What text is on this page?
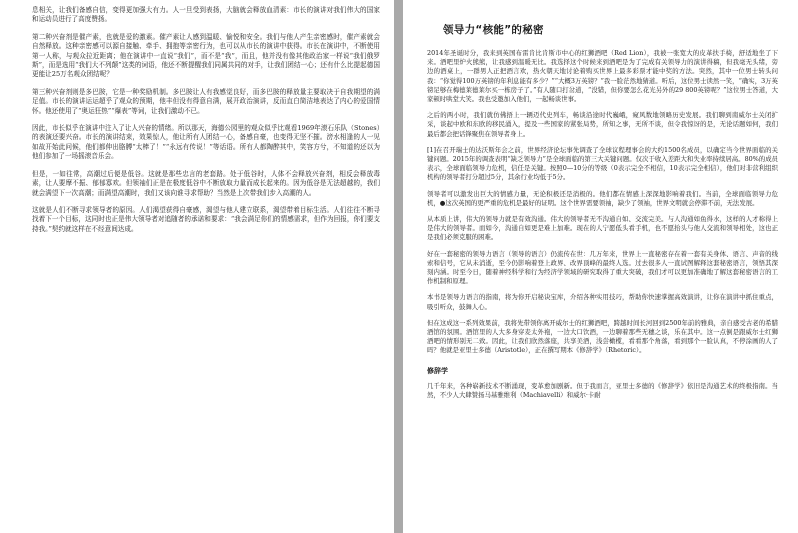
息相关，让我们备感自信，变得更加强大有力。人一旦受到表扬，大脑就会释放血清素：市长的演讲对我们伟大的国家和运动员进行了高度赞扬。

第二种兴奋剂是催产素，也就是爱的激素。催产素让人感到温暖、愉悦和安全。我们与他人产生亲密感时，催产素就会自然释放。这种亲密感可以源自接触、牵手、拥抱等亲密行为，也可以从市长的演讲中获得。市长在演讲中，不断使用第一人称，与观众拉近距离；他在演讲中一直说“我们”，而不是“我”，而且，他并没有像其他政治家一样说“我们俄罗斯”，而是选用“我们大不列颠”这类的词语，他还不断提醒我们同属共同的对手，让我们团结一心；还有什么比提起德国更能让25万名观众团结呢？

第三种兴奋剂则是多巴胺，它是一种奖励机制。多巴胺让人有我感觉良好，而多巴胺的释放量主要取决于自我期望的满足值。市长的演讲运运超乎了观众的预期，他丰但没有得意自满，展开政治演讲，反而直白简洁地表达了内心的爱国情怀。他还使用了“奥运狂热”“爆表”等词，让我们激动不已。

因此，市长似乎在演讲中注入了让人兴奋的情绪。所以那天，海德公园里的观众似乎比观看1969年滚石乐队（Stones）的表演还要兴奋。市长的演讲结束，效果惊人，他让所有人团结一心，备感自豪，也变得无坚不摧。滂水相逢的人一见如故开始此问候，他们都伸出胳膊“太棒了！”“永远有传说！”等话语。所有人都陶醉其中，笑容方兮，不知道的还以为他们参加了一场摇滚音乐会。

但是，一如往常，高潮过后便是低谷。这就是那些忠言的老套路。处于低谷时，人体不会释放兴奋剂，相反会释放毒素，让人要摩不振、郁郁寡欢。但领袖们正是在极度低谷中不断放取力量而成长起来的。因为低谷是无法超越的，我们就会满望下一次高潮；而满望高潮时，我们又该向谁寻求帮助？当然是上次带我们步入高潮的人。

这就是人们不断寻求领导者的原因。人们渴望获得自豪感，渴望与他人建立联系，渴望带着目标生活。人们往往不断寻找着下一个目标，这同时也正是伟大领导者对追随者的承诺和要求：“我会满足你们的情感需求，但作为回报，你们要支持我。”契约就这样在不经意间达成。

领导力“核能”的秘密

2014年圣诞时分，我来到英国布雷肯比肯斯市中心的红狮酒吧（Red Lion），我被一张宽大的皮革扶手椅，舒适地坐了下来。酒吧里炉火熊熊，让我感到温暖无比。我选择这个时候来到酒吧是为了完成有关领导力的演讲得稿，但我毫无头绪，旁边的酒桌上，一群男人正把酒言欢，热火朝天地讨论着购买世界上最多彩票才能中奖的方法。突然，其中一位男士转头问我：“你觉得100万英镑的年利息能有多少？”“大概3万英镑？”我一脸茫然地猜道。听后，这位男士读然一笑，“确实，3万英镑足够在梅德莱德莱尔买一栋房子了。”有人随口打岔道，“没错，但你要怎么花光另外的29 800英镑呢？”这位男士答道，大家顿时哄堂大笑。我也受邀加入他们，一起畅谈世事。

之后的两小时，我们就仿佛捂上一辆迈代史列车，畅谈沿途时代巍峨，窥风数地领略历史发展。我们聊到南威尔士关闭扩采，谈起中欧和东欧的移民涌入，提及一些国家的紧张局势，所知之事，无所不谈，但令我惊讶的是，无论话题如何，我们最后都会把话锋聚焦在领导者身上。

[1]在召开瑞士的达沃斯年会之前，世界经济论坛事先调查了全球议程理事会的大约1500名成员，以确定当今世界面临的关键问题。2015年的调查表明“缺乏领导力”是全球面临的第三大关键问题。仅次于收入差距大和失业率持续居高。80%的成员表示，全球面临领导力危机，信任是关键。按照0—10分的等级（0表示完全不相信，10表示完全相信），他们对非营利组织机构的领导者打分超过5分，其余行业均低于5分。

领导者可以激发出巨大的情感力量，无论积极还是消极的。他们都在情感上深深地影响着我们。当前，全球面临领导力危机，●这次英国的更严重的危机是最好的证明。这个世界需要领袖，缺少了领袖，世界文明就会停滞不前，无法发展。

从本质上讲，伟大的领导力就是有效沟通。伟大的领导者无不沟通自如、交流完美。与人沟通如鱼得水，这样的人才称得上是伟大的领导者。而如今，沟通自如更是难上加难。现在的人宁愿低头看手机，也不愿抬头与他人交流和领导相处，这也正是我们必须克服的困难。

好在一套秘密的领导力语言（领导的语言）仍流传在世：几万年来，世界上一直秘密存在着一套有关身体、语言、声音的线索和信号，它从未消逝，至今仍影响着登上政界、改界顶峰的最终人选。过去很多人一直试图解释这套秘密语言，领悟其深刻内涵。时至今日，随着神经科学和行为经济学领域的研究取得了重大突破，我们才可以更加准确地了解这套秘密语言的工作机制和原理。

本书是领导力语言的指南，将为你开启秘诀宝库，介绍各种实用技巧，帮助你快速掌握高效演讲，让你在演讲中抓住重点，吸引听众，鼓舞人心。

但在这成这一系列效果前，我将先带领你离开威尔士的红狮酒吧，跨越时间长河回到2500年前的雅典，亲自感受古老的希腊酒馆的氛围。酒馆里的人大多身穿麦太外袍，一边大口饮酒，一边聊着那些无穗之谈，乐在其中。这一点倒是跟威尔士红狮酒吧的情形别无二致。因此，让我们欣然落座，共享美酒，浅尝橄榄，看看那个角落，看到那个一脸认真，不停涂画的人了吗？他就是亚里士多德（Aristotle），正在撰写期本《修辞学》（Rhetoric）。

修辞学

几千年来，各种崭新技术不断涌现，变革愈加剧新。但于我而言，亚里士多德的《修辞学》依旧是沟通艺术的终极指南。当然，不少人大肆赞扬马基雅维利（Machiavelli）和威尔·卡耐
